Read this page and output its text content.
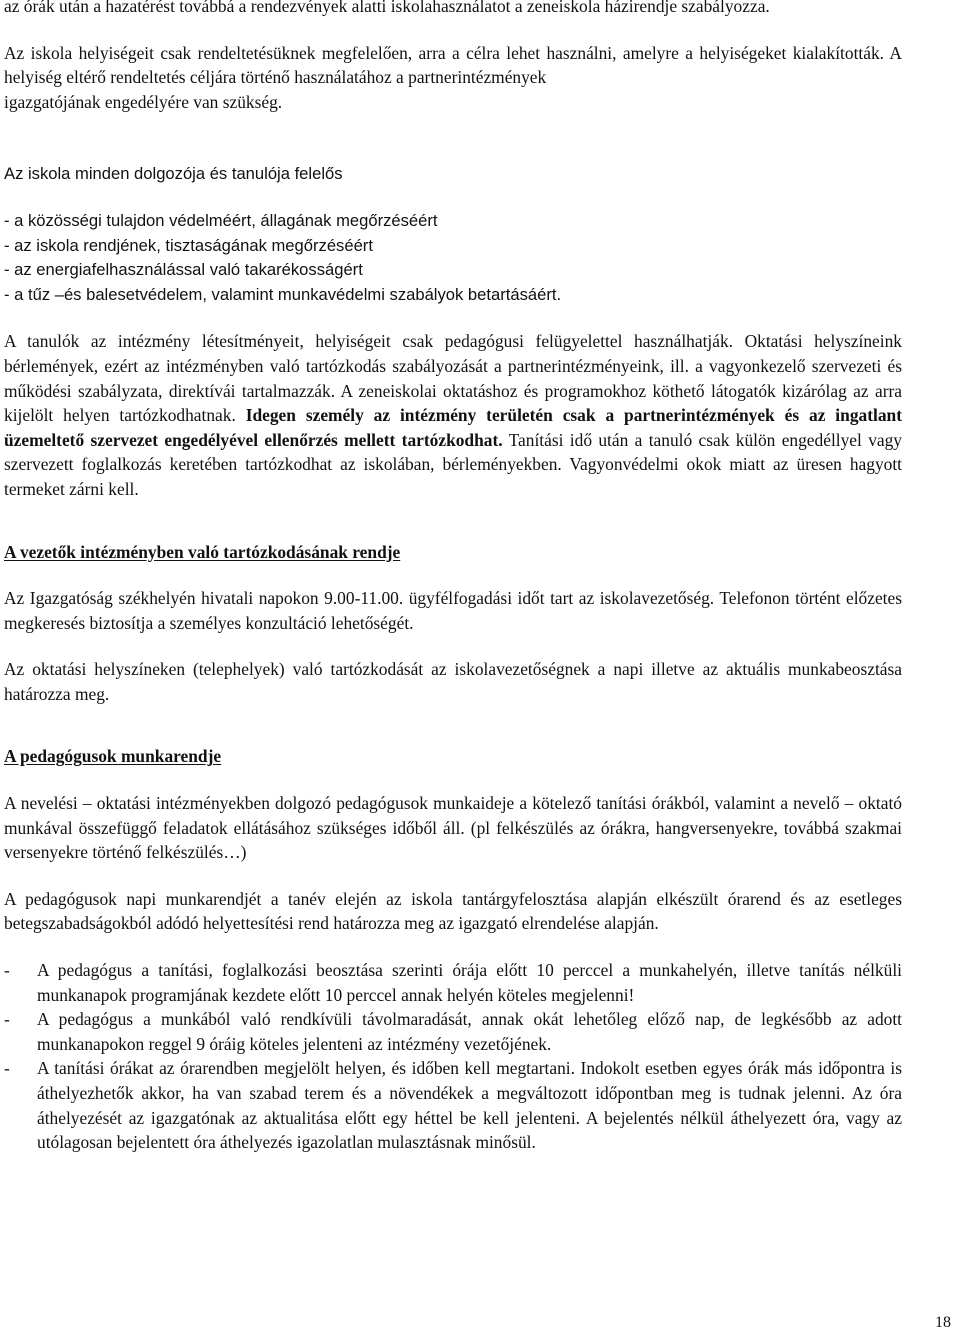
az órák után a hazatérést továbbá a rendezvények alatti iskolahasználatot a zeneiskola házirendje szabályozza.

Az iskola helyiségeit csak rendeltetésüknek megfelelően, arra a célra lehet használni, amelyre a helyiségeket kialakították. A helyiség eltérő rendeltetés céljára történő használatához a partnerintézmények

igazgatójának engedélyére van szükség.

Az iskola minden dolgozója és tanulója felelős

- a közösségi tulajdon védelméért, állagának megőrzéséért

- az iskola rendjének, tisztaságának megőrzéséért

- az energiafelhasználással való takarékosságért

- a tűz –és balesetvédelem, valamint munkavédelmi szabályok betartásáért.

A tanulók az intézmény létesítményeit, helyiségeit csak pedagógusi felügyelettel használhatják. Oktatási helyszíneink bérlemények, ezért az intézményben való tartózkodás szabályozását a partnerintézményeink, ill. a vagyonkezelő szervezeti és működési szabályzata, direktívái tartalmazzák. A zeneiskolai oktatáshoz és programokhoz köthető látogatók kizárólag az arra kijelölt helyen tartózkodhatnak. Idegen személy az intézmény területén csak a partnerintézmények és az ingatlant üzemeltető szervezet engedélyével ellenőrzés mellett tartózkodhat. Tanítási idő után a tanuló csak külön engedéllyel vagy szervezett foglalkozás keretében tartózkodhat az iskolában, bérleményekben. Vagyonvédelmi okok miatt az üresen hagyott termeket zárni kell.

A vezetők intézményben való tartózkodásának rendje

Az Igazgatóság székhelyén hivatali napokon 9.00-11.00. ügyfélfogadási időt tart az iskolavezetőség. Telefonon történt előzetes megkeresés biztosítja a személyes konzultáció lehetőségét.

Az oktatási helyszíneken (telephelyek) való tartózkodását az iskolavezetőségnek a napi illetve az aktuális munkabeosztása határozza meg.

A pedagógusok munkarendje

A nevelési – oktatási intézményekben dolgozó pedagógusok munkaideje a kötelező tanítási órákból, valamint a nevelő – oktató munkával összefüggő feladatok ellátásához szükséges időből áll. (pl felkészülés az órákra, hangversenyekre, továbbá szakmai versenyekre történő felkészülés…)

A pedagógusok napi munkarendjét a tanév elején az iskola tantárgyfelosztása alapján elkészült órarend és az esetleges betegszabadságokból adódó helyettesítési rend határozza meg az igazgató elrendelése alapján.

- A pedagógus a tanítási, foglalkozási beosztása szerinti órája előtt 10 perccel a munkahelyén, illetve tanítás nélküli munkanapok programjának kezdete előtt 10 perccel annak helyén köteles megjelenni!
- A pedagógus a munkából való rendkívüli távolmaradását, annak okát lehetőleg előző nap, de legkésőbb az adott munkanapokon reggel 9 óráig köteles jelenteni az intézmény vezetőjének.
- A tanítási órákat az órarendben megjelölt helyen, és időben kell megtartani. Indokolt esetben egyes órák más időpontra is áthelyezhetők akkor, ha van szabad terem és a növendékek a megváltozott időpontban meg is tudnak jelenni. Az óra áthelyezését az igazgatónak az aktualitása előtt egy héttel be kell jelenteni. A bejelentés nélkül áthelyezett óra, vagy az utólagosan bejelentett óra áthelyezés igazolatlan mulasztásnak minősül.
18
